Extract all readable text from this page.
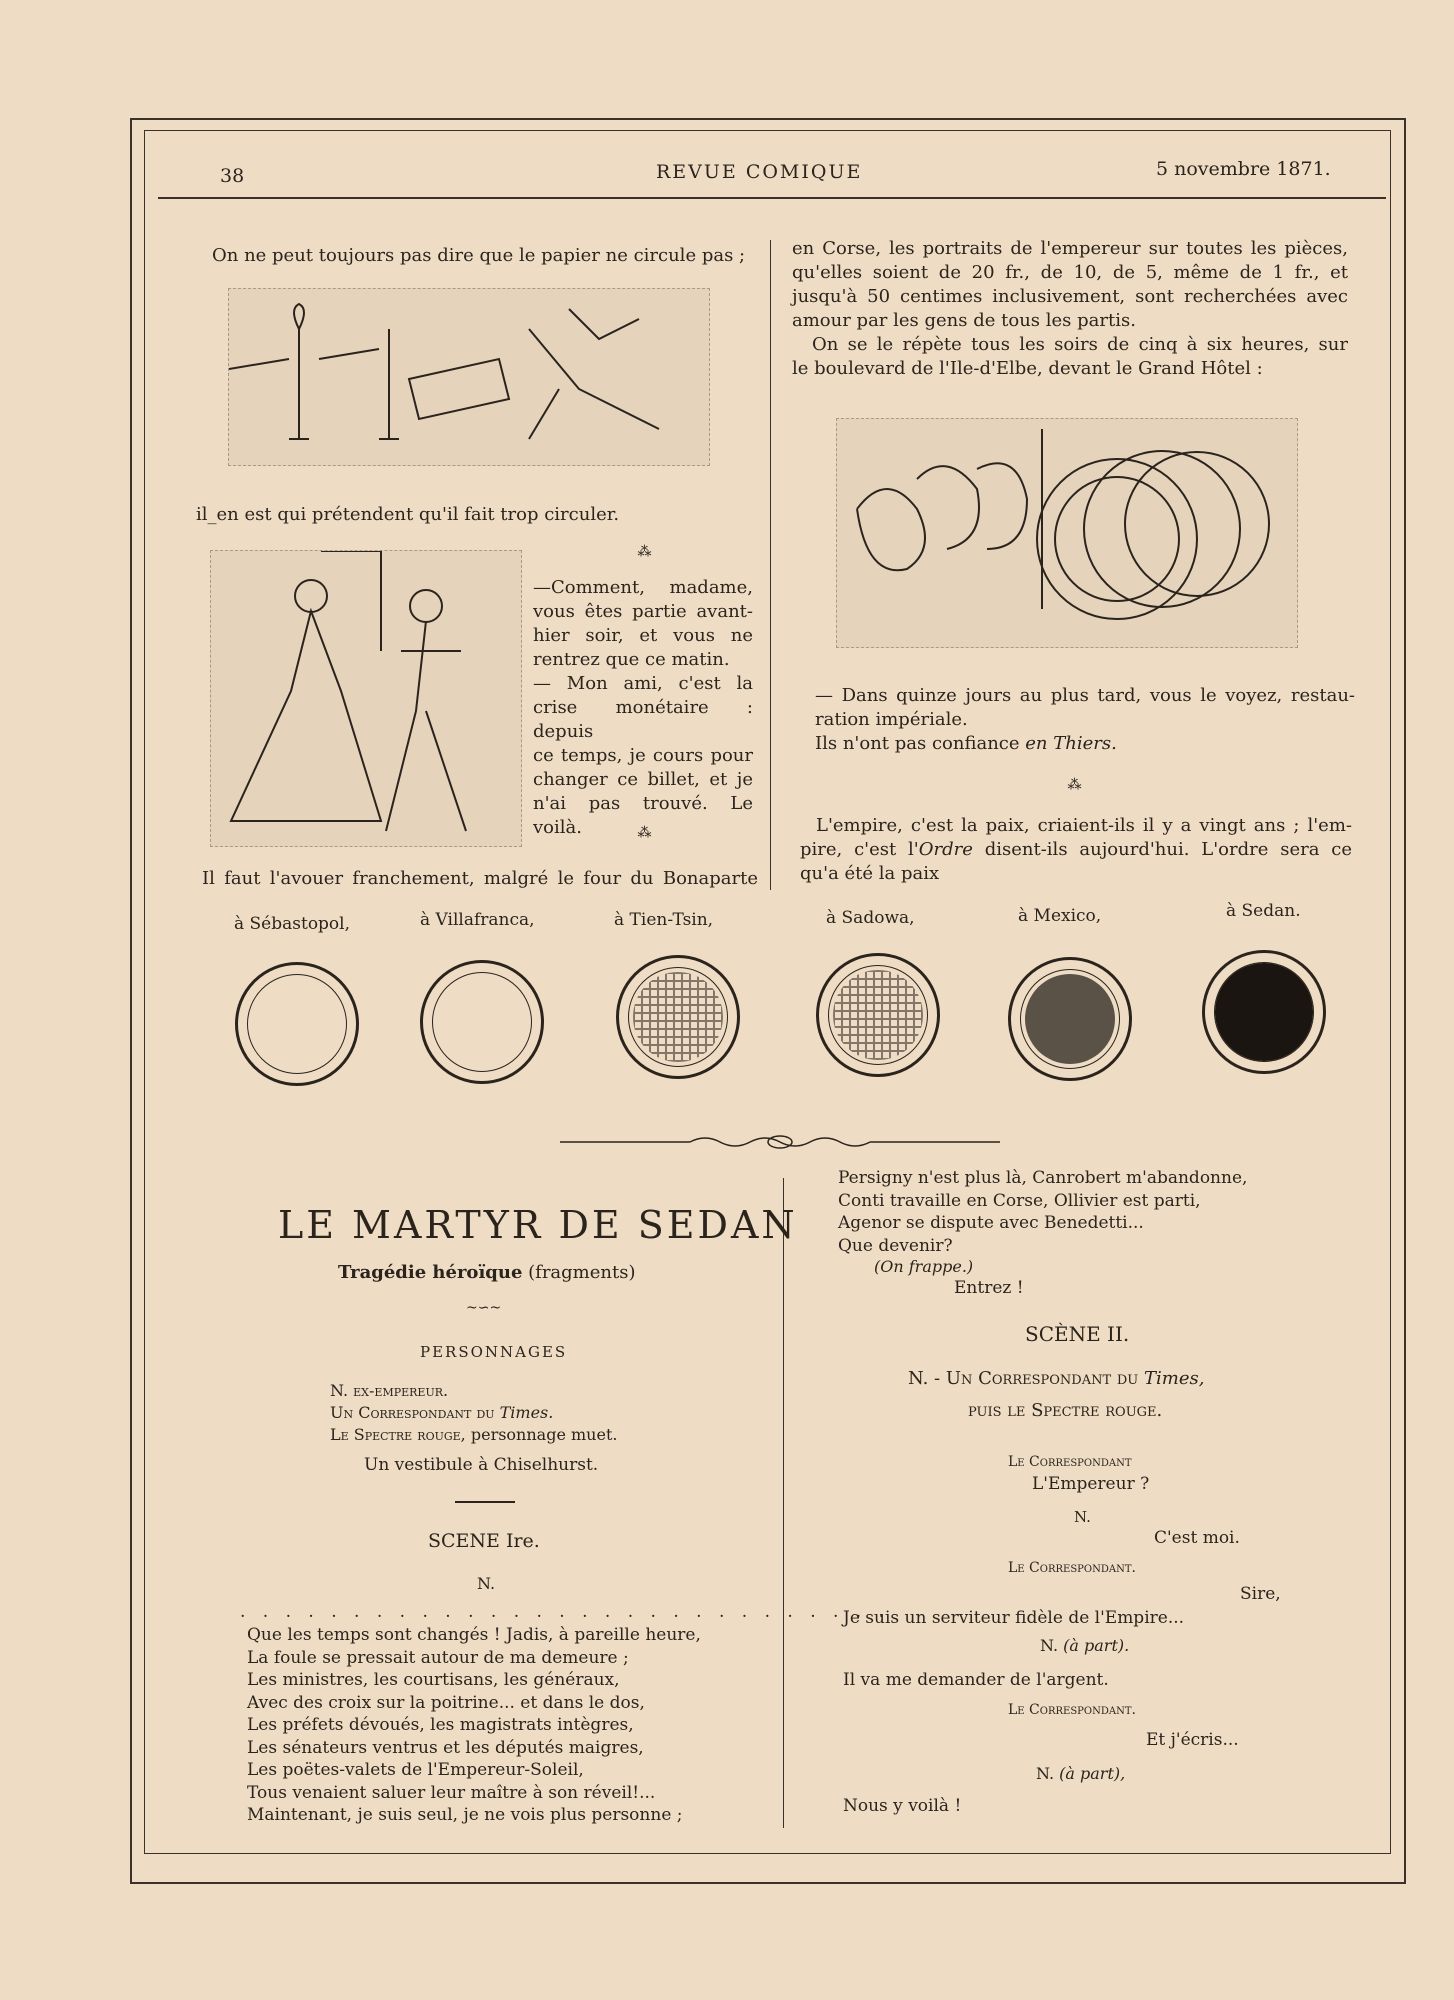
38	REVUE COMIQUE	5 novembre 1871.
On ne peut toujours pas dire que le papier ne circule pas ;
il_en est qui prétendent qu'il fait trop circuler.
⁂
—Comment, madame,
vous êtes partie avant-
hier soir, et vous ne
rentrez que ce matin.
— Mon ami, c'est la
crise monétaire : depuis
ce temps, je cours pour
changer ce billet, et je
n'ai pas trouvé. Le
voilà.	⁂
Il faut l'avouer franchement, malgré le four du Bonaparte
en Corse, les portraits de l'empereur sur toutes les pièces,
qu'elles soient de 20 fr., de 10, de 5, même de 1 fr., et
jusqu'à 50 centimes inclusivement, sont recherchées avec
amour par les gens de tous les partis.
On se le répète tous les soirs de cinq à six heures, sur
le boulevard de l'Ile-d'Elbe, devant le Grand Hôtel :
— Dans quinze jours au plus tard, vous le voyez, restau-
ration impériale.
Ils n'ont pas confiance en Thiers.
⁂
L'empire, c'est la paix, criaient-ils il y a vingt ans ; l'em-
pire, c'est l'Ordre disent-ils aujourd'hui. L'ordre sera ce
qu'a été la paix
à Sébastopol,	à Villafranca,	à Tien-Tsin,	à Sadowa,	à Mexico,	à Sedan.
LE MARTYR DE SEDAN
Tragédie héroïque (fragments)
~∽~
PERSONNAGES
N. ex-empereur.
Un Correspondant du Times.
Le Spectre rouge, personnage muet.
Un vestibule à Chiselhurst.
SCENE Ire.
N.
. . . . . . . . . . . . . . . . . . . . . . . . . . . . .
Que les temps sont changés ! Jadis, à pareille heure,
La foule se pressait autour de ma demeure ;
Les ministres, les courtisans, les généraux,
Avec des croix sur la poitrine... et dans le dos,
Les préfets dévoués, les magistrats intègres,
Les sénateurs ventrus et les députés maigres,
Les poëtes-valets de l'Empereur-Soleil,
Tous venaient saluer leur maître à son réveil!...
Maintenant, je suis seul, je ne vois plus personne ;
Persigny n'est plus là, Canrobert m'abandonne,
Conti travaille en Corse, Ollivier est parti,
Agenor se dispute avec Benedetti...
Que devenir?
(On frappe.)
Entrez !
SCÈNE II.
N. - Un Correspondant du Times,
puis le Spectre rouge.
Le Correspondant
L'Empereur ?
N.
C'est moi.
Le Correspondant.
Sire,
Je suis un serviteur fidèle de l'Empire...
N. (à part).
Il va me demander de l'argent.
Le Correspondant.
Et j'écris...
N. (à part),
Nous y voilà !
